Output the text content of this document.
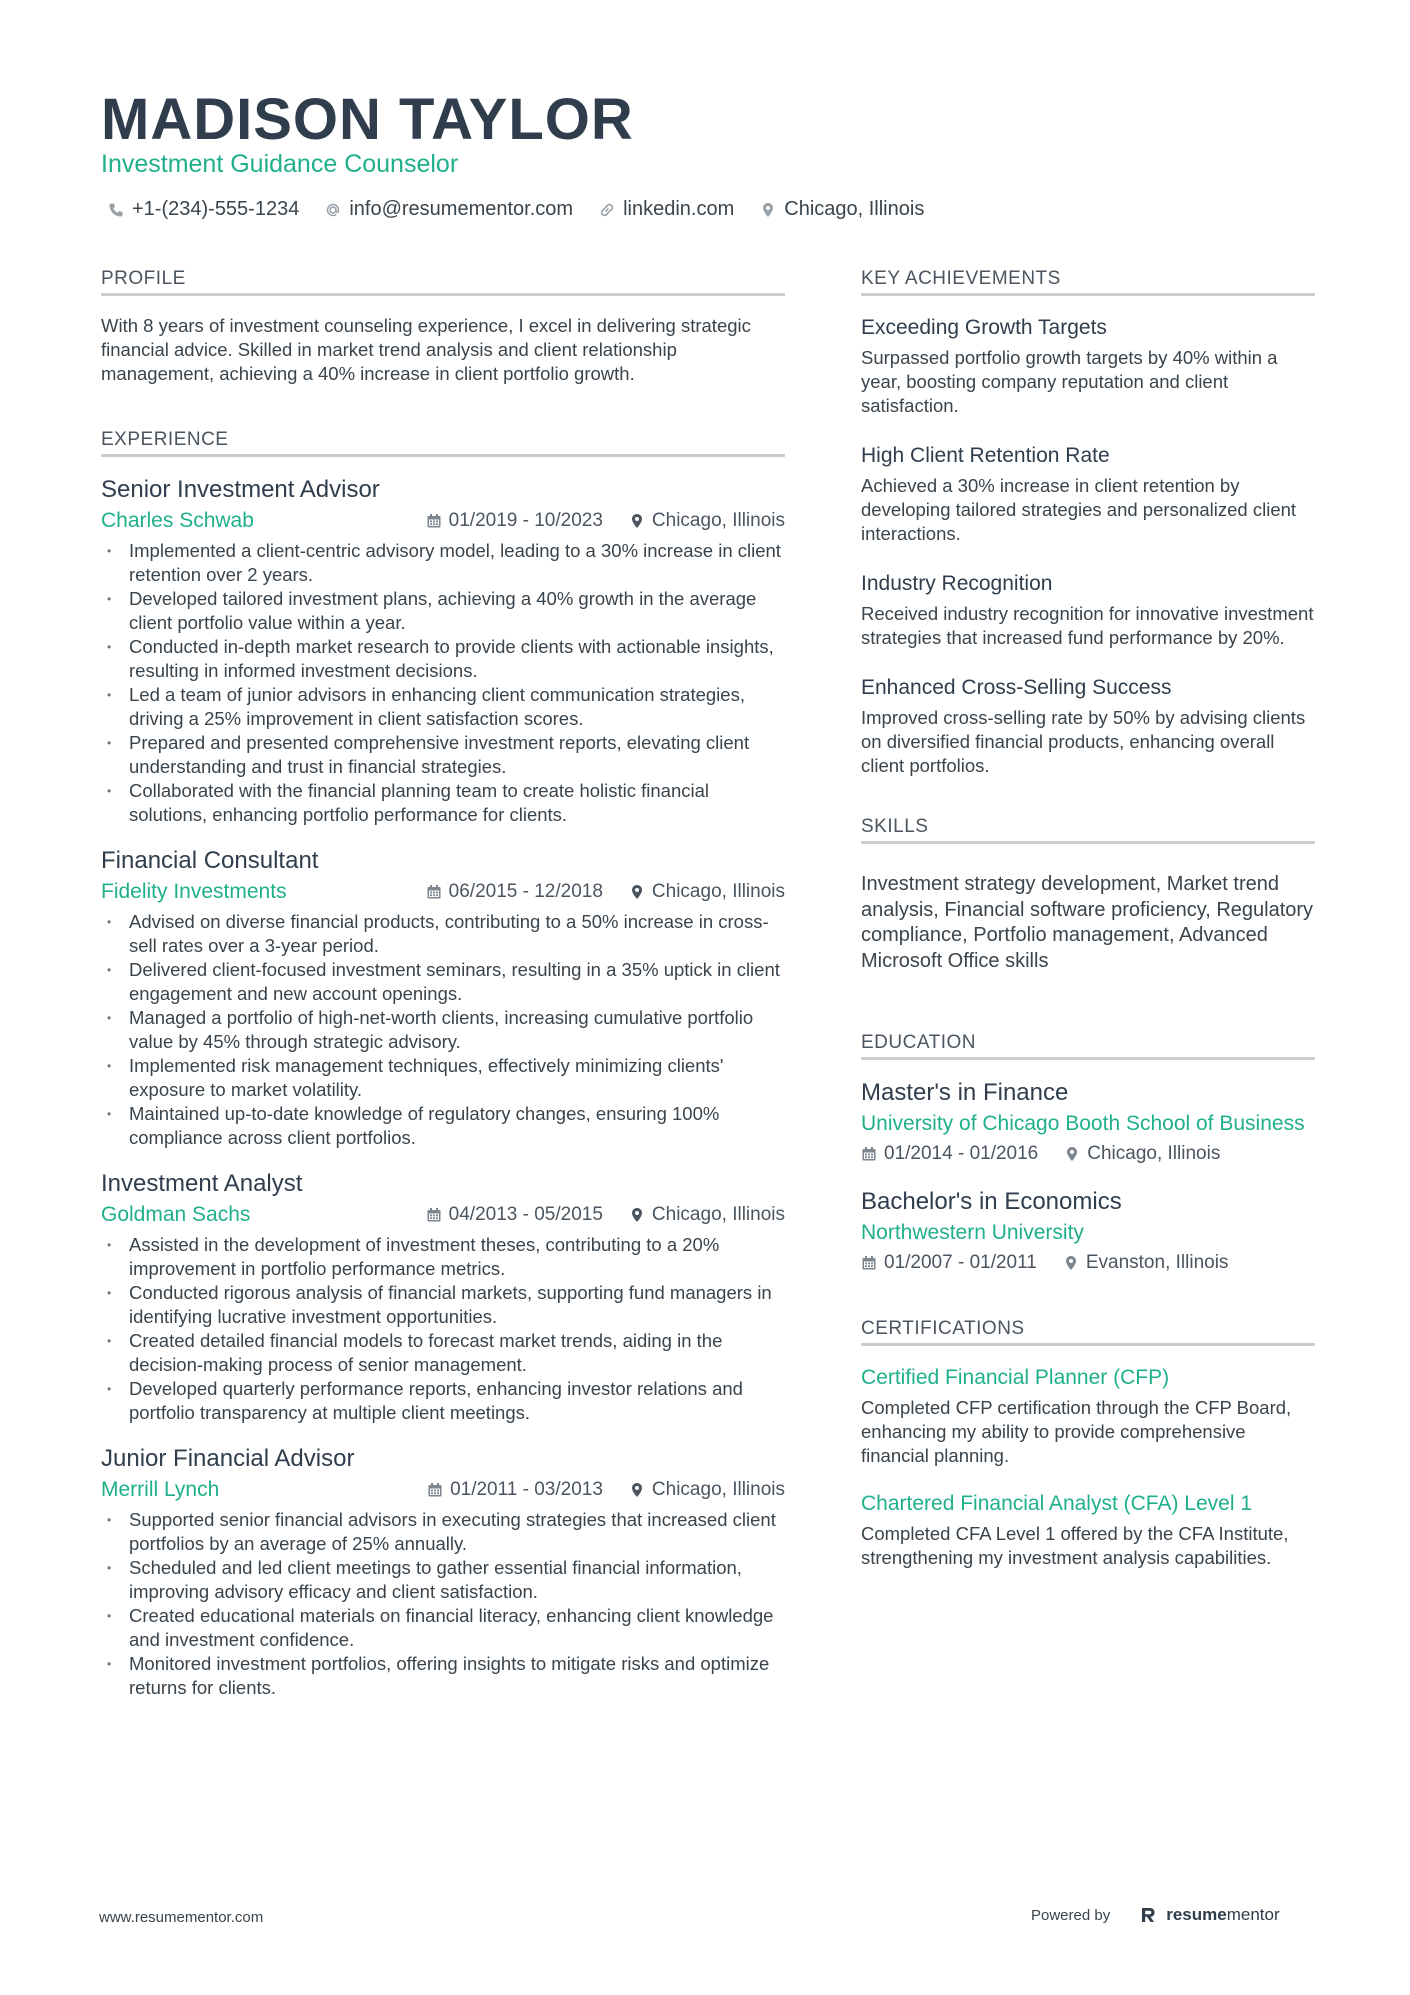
MADISON TAYLOR
Investment Guidance Counselor
+1-(234)-555-1234	info@resumementor.com	linkedin.com	Chicago, Illinois
PROFILE

With 8 years of investment counseling experience, I excel in delivering strategic financial advice. Skilled in market trend analysis and client relationship management, achieving a 40% increase in client portfolio growth.

EXPERIENCE
Senior Investment Advisor
Charles Schwab	01/2019 - 10/2023	Chicago, Illinois
• Implemented a client-centric advisory model, leading to a 30% increase in client retention over 2 years.
• Developed tailored investment plans, achieving a 40% growth in the average client portfolio value within a year.
• Conducted in-depth market research to provide clients with actionable insights, resulting in informed investment decisions.
• Led a team of junior advisors in enhancing client communication strategies, driving a 25% improvement in client satisfaction scores.
• Prepared and presented comprehensive investment reports, elevating client understanding and trust in financial strategies.
• Collaborated with the financial planning team to create holistic financial solutions, enhancing portfolio performance for clients.
Financial Consultant
Fidelity Investments	06/2015 - 12/2018	Chicago, Illinois
• Advised on diverse financial products, contributing to a 50% increase in cross-sell rates over a 3-year period.
• Delivered client-focused investment seminars, resulting in a 35% uptick in client engagement and new account openings.
• Managed a portfolio of high-net-worth clients, increasing cumulative portfolio value by 45% through strategic advisory.
• Implemented risk management techniques, effectively minimizing clients' exposure to market volatility.
• Maintained up-to-date knowledge of regulatory changes, ensuring 100% compliance across client portfolios.
Investment Analyst
Goldman Sachs	04/2013 - 05/2015	Chicago, Illinois
• Assisted in the development of investment theses, contributing to a 20% improvement in portfolio performance metrics.
• Conducted rigorous analysis of financial markets, supporting fund managers in identifying lucrative investment opportunities.
• Created detailed financial models to forecast market trends, aiding in the decision-making process of senior management.
• Developed quarterly performance reports, enhancing investor relations and portfolio transparency at multiple client meetings.
Junior Financial Advisor
Merrill Lynch	01/2011 - 03/2013	Chicago, Illinois
• Supported senior financial advisors in executing strategies that increased client portfolios by an average of 25% annually.
• Scheduled and led client meetings to gather essential financial information, improving advisory efficacy and client satisfaction.
• Created educational materials on financial literacy, enhancing client knowledge and investment confidence.
• Monitored investment portfolios, offering insights to mitigate risks and optimize returns for clients.
KEY ACHIEVEMENTS
Exceeding Growth Targets

Surpassed portfolio growth targets by 40% within a year, boosting company reputation and client satisfaction.

High Client Retention Rate

Achieved a 30% increase in client retention by developing tailored strategies and personalized client interactions.

Industry Recognition

Received industry recognition for innovative investment strategies that increased fund performance by 20%.

Enhanced Cross-Selling Success

Improved cross-selling rate by 50% by advising clients on diversified financial products, enhancing overall client portfolios.

SKILLS

Investment strategy development, Market trend analysis, Financial software proficiency, Regulatory compliance, Portfolio management, Advanced Microsoft Office skills

EDUCATION
Master's in Finance
University of Chicago Booth School of Business
01/2014 - 01/2016	Chicago, Illinois
Bachelor's in Economics
Northwestern University
01/2007 - 01/2011	Evanston, Illinois
CERTIFICATIONS
Certified Financial Planner (CFP)

Completed CFP certification through the CFP Board, enhancing my ability to provide comprehensive financial planning.

Chartered Financial Analyst (CFA) Level 1

Completed CFA Level 1 offered by the CFA Institute, strengthening my investment analysis capabilities.

www.resumementor.com	Powered by	resumementor
